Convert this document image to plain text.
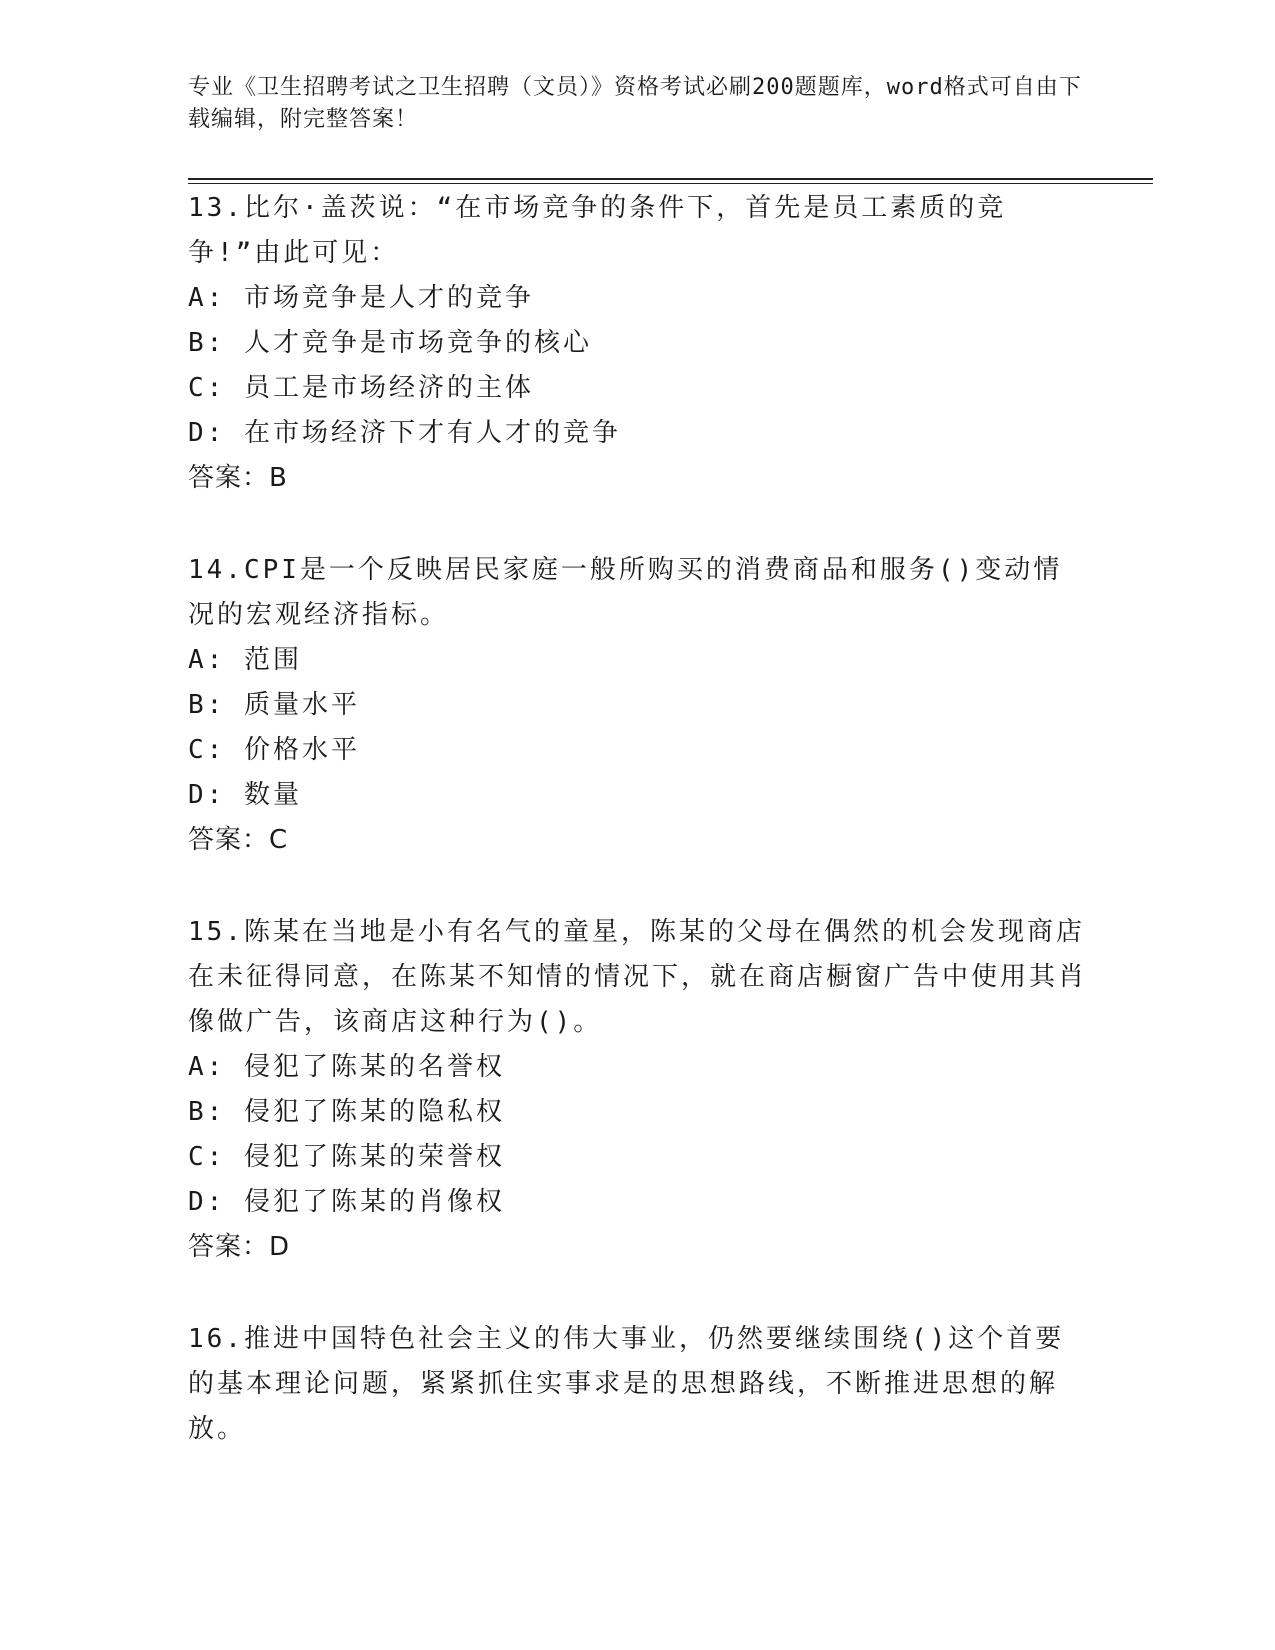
专业《卫生招聘考试之卫生招聘（文员）》资格考试必刷200题题库，word格式可自由下载编辑，附完整答案！

13.比尔·盖茨说：“在市场竞争的条件下，首先是员工素质的竞争!”由此可见：

A: 市场竞争是人才的竞争

B: 人才竞争是市场竞争的核心

C: 员工是市场经济的主体

D: 在市场经济下才有人才的竞争

答案：B

14.CPI是一个反映居民家庭一般所购买的消费商品和服务()变动情况的宏观经济指标。

A: 范围

B: 质量水平

C: 价格水平

D: 数量

答案：C

15.陈某在当地是小有名气的童星，陈某的父母在偶然的机会发现商店在未征得同意，在陈某不知情的情况下，就在商店橱窗广告中使用其肖像做广告，该商店这种行为()。

A: 侵犯了陈某的名誉权

B: 侵犯了陈某的隐私权

C: 侵犯了陈某的荣誉权

D: 侵犯了陈某的肖像权

答案：D

16.推进中国特色社会主义的伟大事业，仍然要继续围绕()这个首要的基本理论问题，紧紧抓住实事求是的思想路线，不断推进思想的解放。
